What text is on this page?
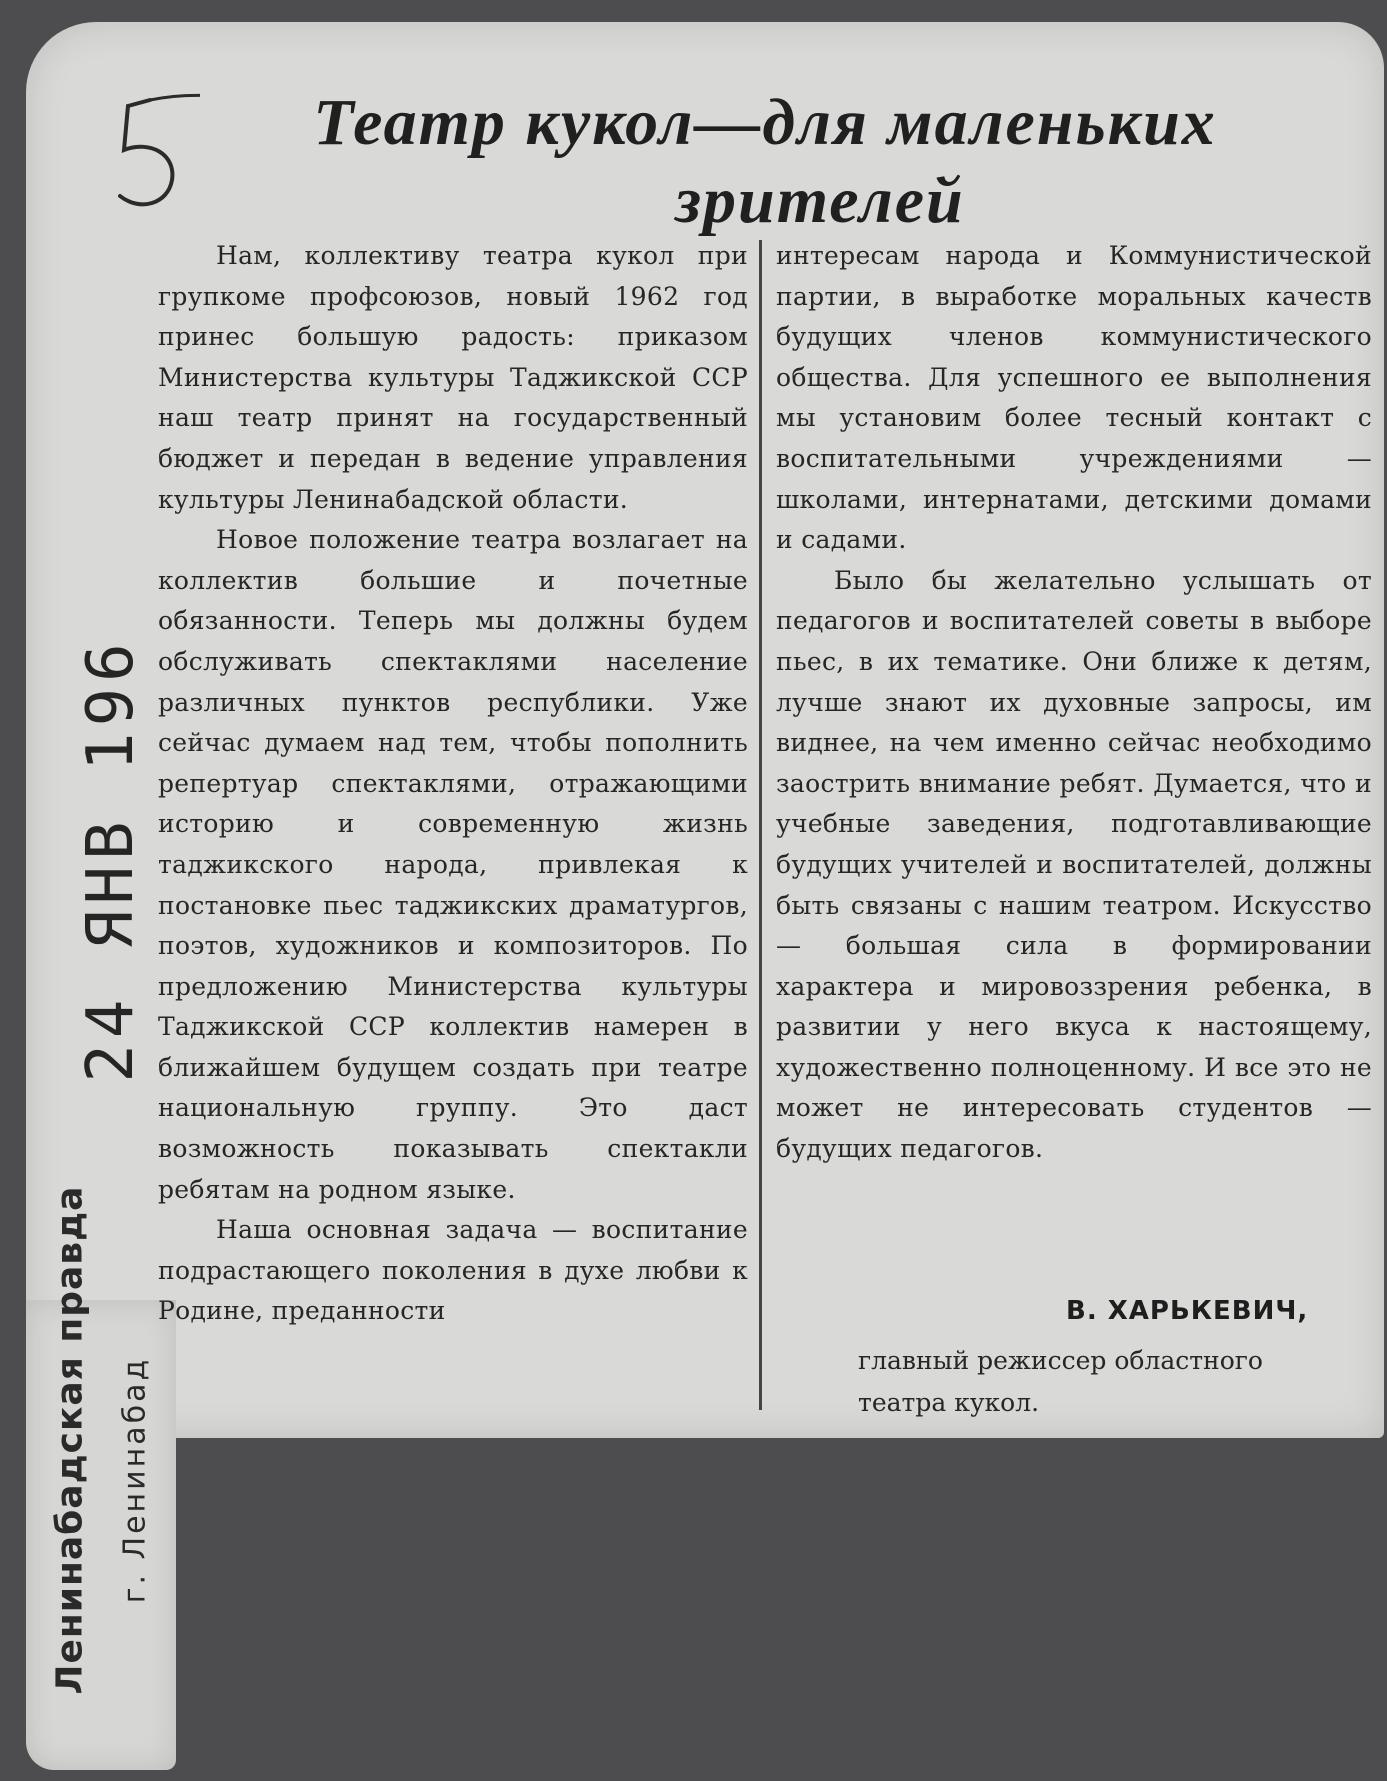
Театр кукол—для маленьких
зрителей

Нам, коллективу театра кукол при групкоме профсоюзов, новый 1962 год принес большую радость: приказом Министерства культуры Таджикской ССР наш театр принят на государственный бюджет и передан в ведение управления культуры Ленинабадской области.

Новое положение театра возлагает на коллектив большие и почетные обязанности. Теперь мы должны будем обслуживать спектаклями население различных пунктов республики. Уже сейчас думаем над тем, чтобы пополнить репертуар спектаклями, отражающими историю и современную жизнь таджикского народа, привлекая к постановке пьес таджикских драматургов, поэтов, художников и композиторов. По предложению Министерства культуры Таджикской ССР коллектив намерен в ближайшем будущем создать при театре национальную группу. Это даст возможность показывать спектакли ребятам на родном языке.

Наша основная задача — воспитание подрастающего поколения в духе любви к Родине, преданности

интересам народа и Коммунистической партии, в выработке моральных качеств будущих членов коммунистического общества. Для успешного ее выполнения мы установим более тесный контакт с воспитательными учреждениями — школами, интернатами, детскими домами и садами.

Было бы желательно услышать от педагогов и воспитателей советы в выборе пьес, в их тематике. Они ближе к детям, лучше знают их духовные запросы, им виднее, на чем именно сейчас необходимо заострить внимание ребят. Думается, что и учебные заведения, подготавливающие будущих учителей и воспитателей, должны быть связаны с нашим театром. Искусство — большая сила в формировании характера и мировоззрения ребенка, в развитии у него вкуса к настоящему, художественно полноценному. И все это не может не интересовать студентов — будущих педагогов.

В. ХАРЬКЕВИЧ,
главный режиссер областного театра кукол.
24 ЯНВ 196
Ленинабадская правда г. Ленинабад
